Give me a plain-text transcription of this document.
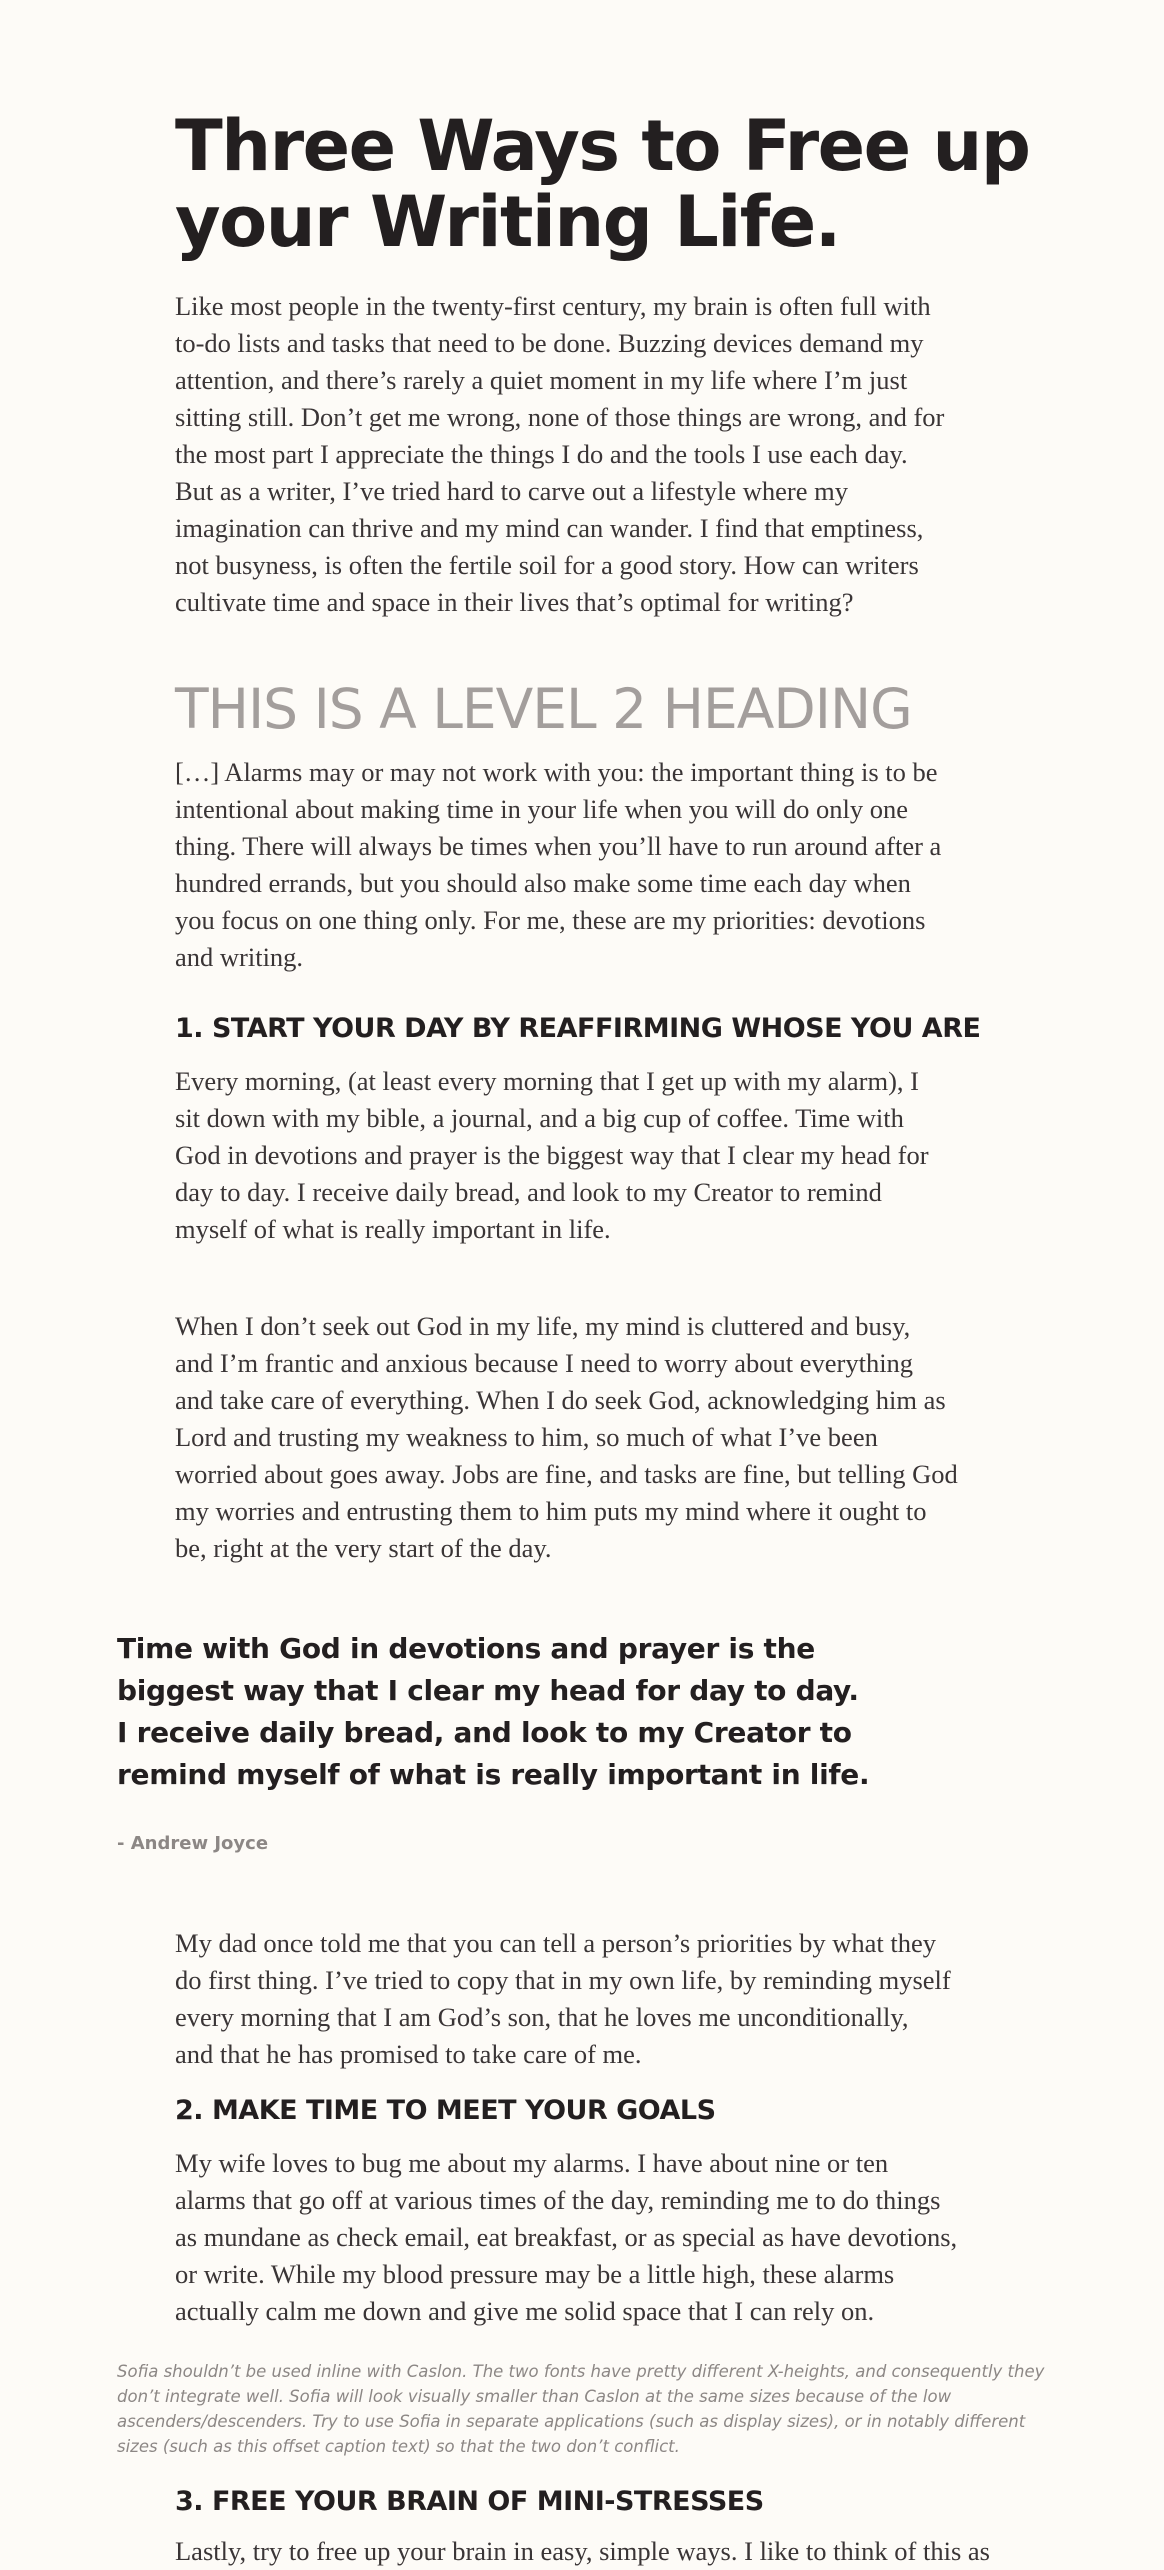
Three Ways to Free up
your Writing Life.

Like most people in the twenty-first century, my brain is often full with
to-do lists and tasks that need to be done. Buzzing devices demand my
attention, and there’s rarely a quiet moment in my life where I’m just
sitting still. Don’t get me wrong, none of those things are wrong, and for
the most part I appreciate the things I do and the tools I use each day.
But as a writer, I’ve tried hard to carve out a lifestyle where my
imagination can thrive and my mind can wander. I find that emptiness,
not busyness, is often the fertile soil for a good story. How can writers
cultivate time and space in their lives that’s optimal for writing?

THIS IS A LEVEL 2 HEADING

[…] Alarms may or may not work with you: the important thing is to be
intentional about making time in your life when you will do only one
thing. There will always be times when you’ll have to run around after a
hundred errands, but you should also make some time each day when
you focus on one thing only. For me, these are my priorities: devotions
and writing.

1. START YOUR DAY BY REAFFIRMING WHOSE YOU ARE

Every morning, (at least every morning that I get up with my alarm), I
sit down with my bible, a journal, and a big cup of coffee. Time with
God in devotions and prayer is the biggest way that I clear my head for
day to day. I receive daily bread, and look to my Creator to remind
myself of what is really important in life.

When I don’t seek out God in my life, my mind is cluttered and busy,
and I’m frantic and anxious because I need to worry about everything
and take care of everything. When I do seek God, acknowledging him as
Lord and trusting my weakness to him, so much of what I’ve been
worried about goes away. Jobs are fine, and tasks are fine, but telling God
my worries and entrusting them to him puts my mind where it ought to
be, right at the very start of the day.

Time with God in devotions and prayer is the
biggest way that I clear my head for day to day.
I receive daily bread, and look to my Creator to
remind myself of what is really important in life.

- Andrew Joyce

My dad once told me that you can tell a person’s priorities by what they
do first thing. I’ve tried to copy that in my own life, by reminding myself
every morning that I am God’s son, that he loves me unconditionally,
and that he has promised to take care of me.

2. MAKE TIME TO MEET YOUR GOALS

My wife loves to bug me about my alarms. I have about nine or ten
alarms that go off at various times of the day, reminding me to do things
as mundane as check email, eat breakfast, or as special as have devotions,
or write. While my blood pressure may be a little high, these alarms
actually calm me down and give me solid space that I can rely on.

Sofia shouldn’t be used inline with Caslon. The two fonts have pretty different X-heights, and consequently they
don’t integrate well. Sofia will look visually smaller than Caslon at the same sizes because of the low
ascenders/descenders. Try to use Sofia in separate applications (such as display sizes), or in notably different
sizes (such as this offset caption text) so that the two don’t conflict.

3. FREE YOUR BRAIN OF MINI-STRESSES

Lastly, try to free up your brain in easy, simple ways. I like to think of this as
